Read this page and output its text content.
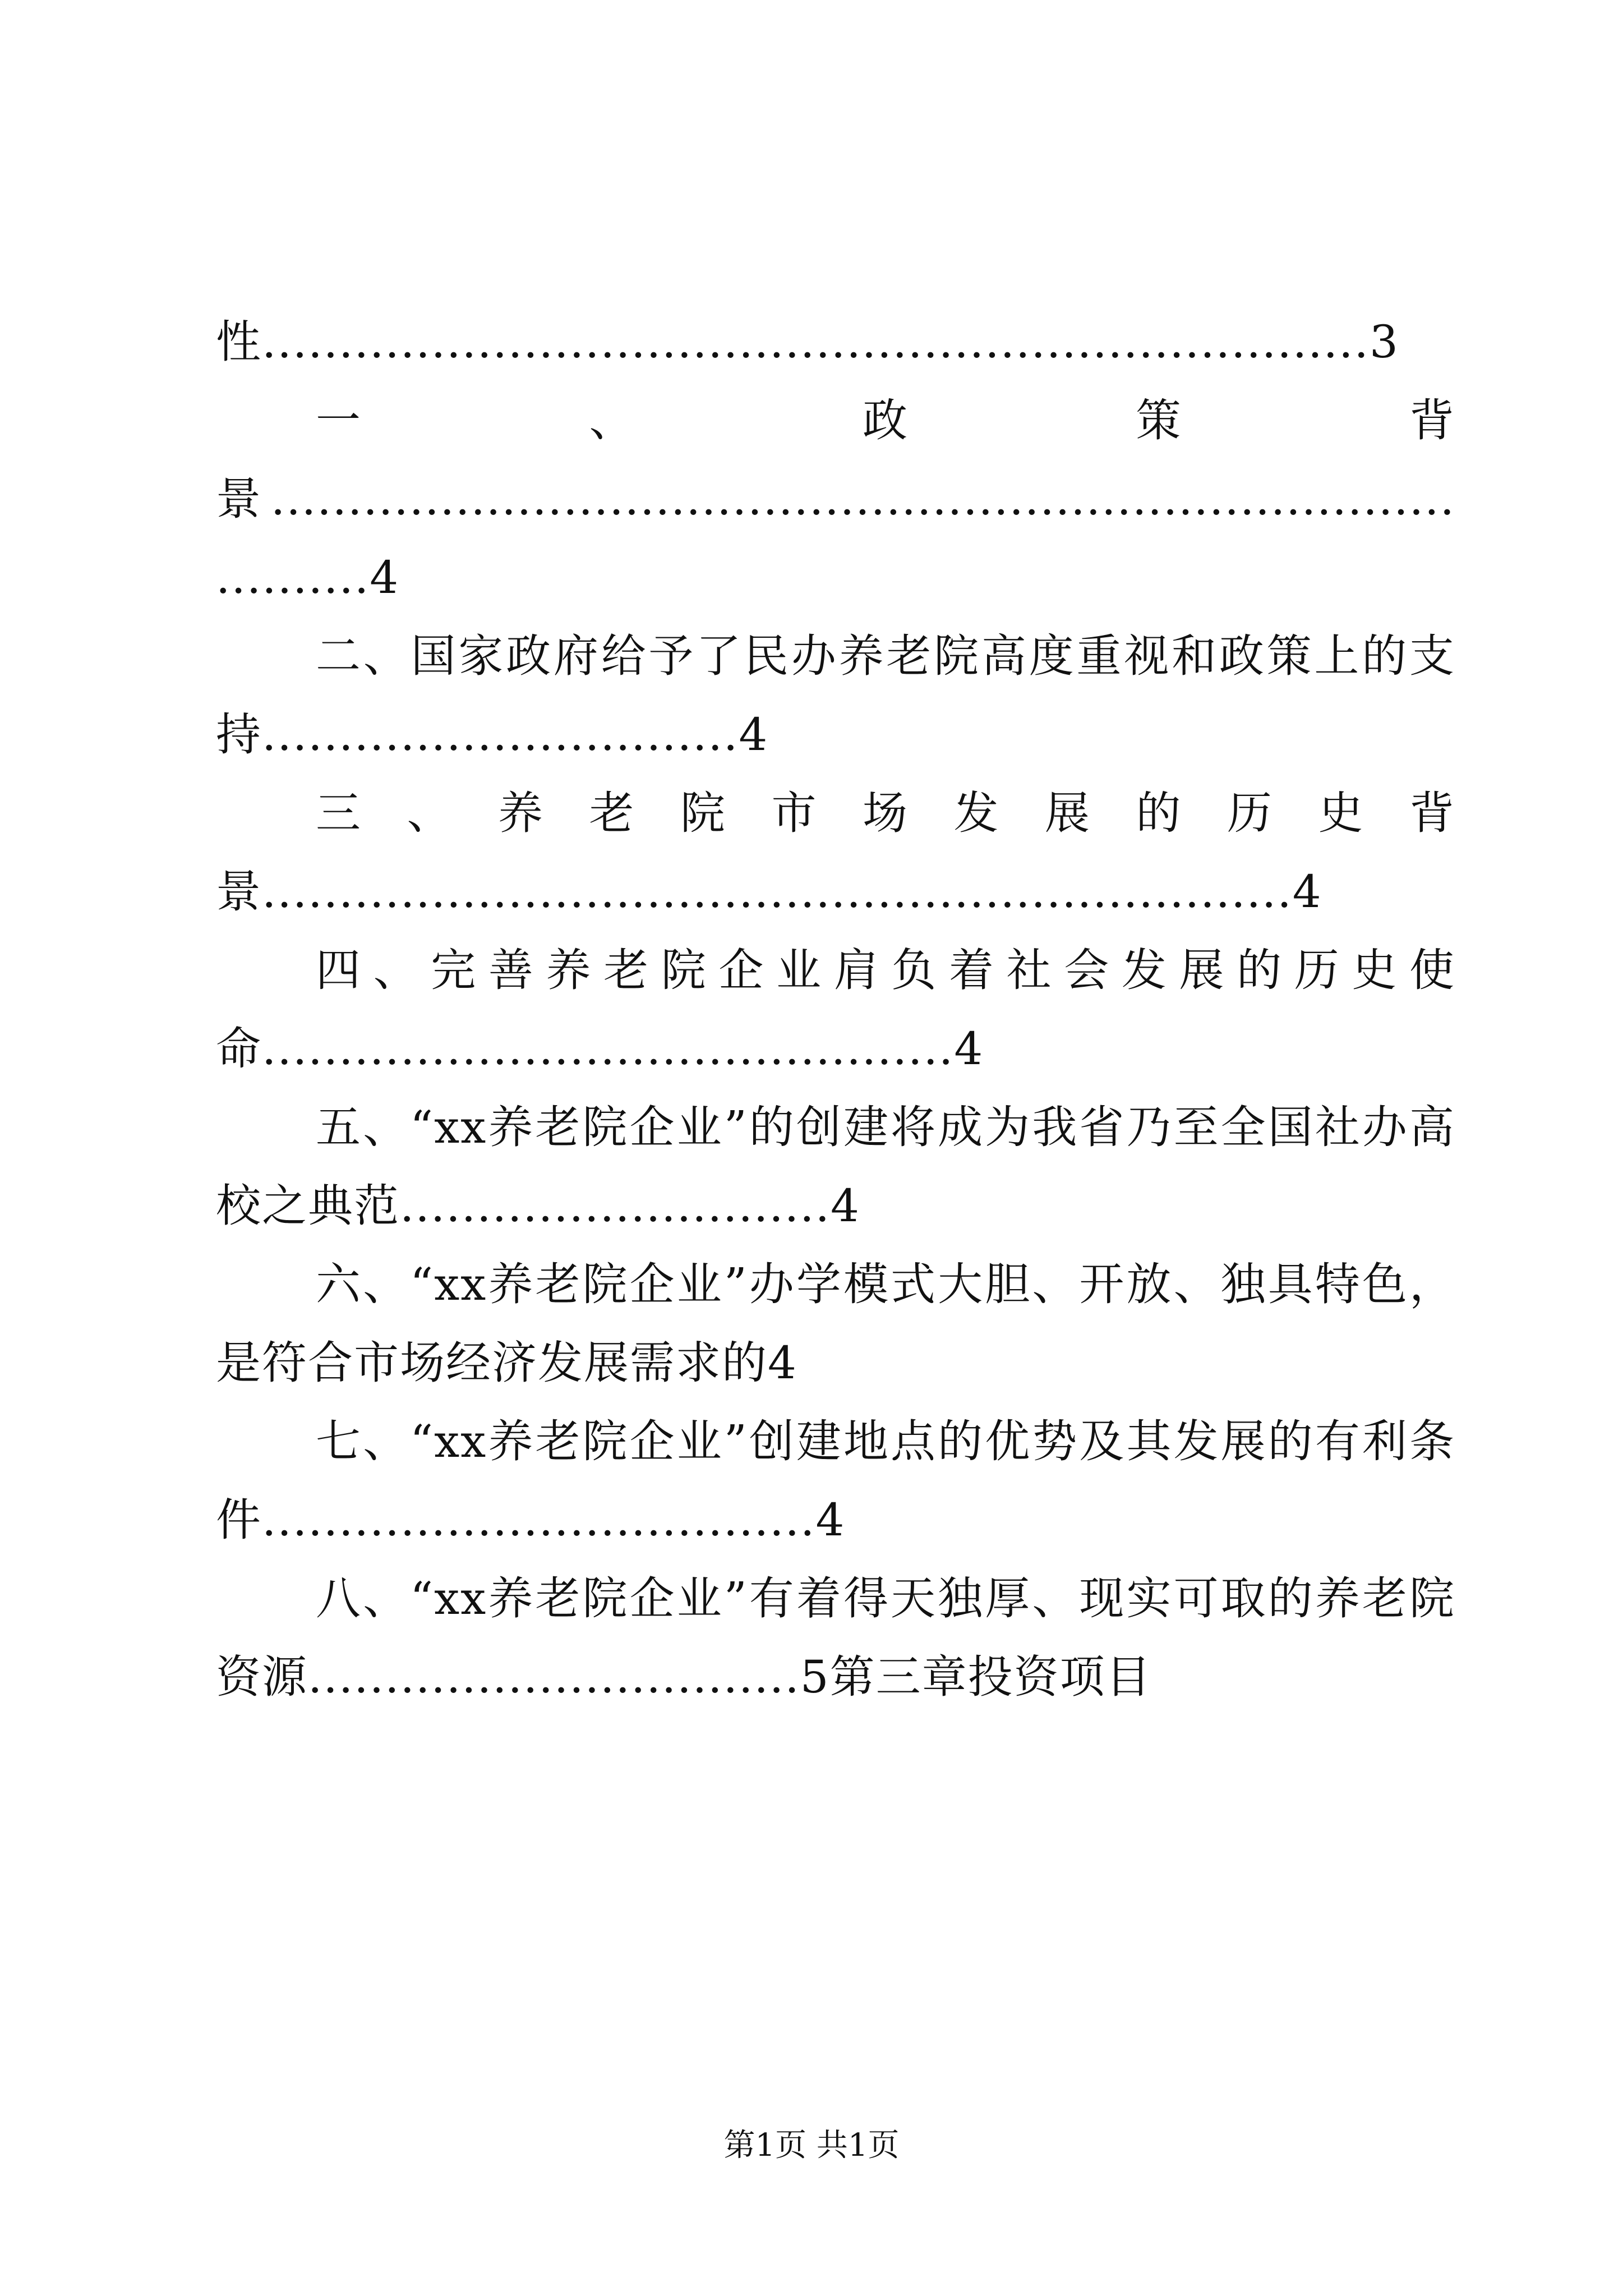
性........................................................................3

一、政策背景.......................................................................................4

二、国家政府给予了民办养老院高度重视和政策上的支持...............................4

三、养老院市场发展的历史背景...................................................................4

四、完善养老院企业肩负着社会发展的历史使命.............................................4

五、“xx养老院企业”的创建将成为我省乃至全国社办高校之典范............................4

六、“xx养老院企业”办学模式大胆、开放、独具特色，是符合市场经济发展需求的4

七、“xx养老院企业”创建地点的优势及其发展的有利条件....................................4

八、“xx养老院企业”有着得天独厚、现实可取的养老院资源................................5第三章投资项目

第1页 共1页
